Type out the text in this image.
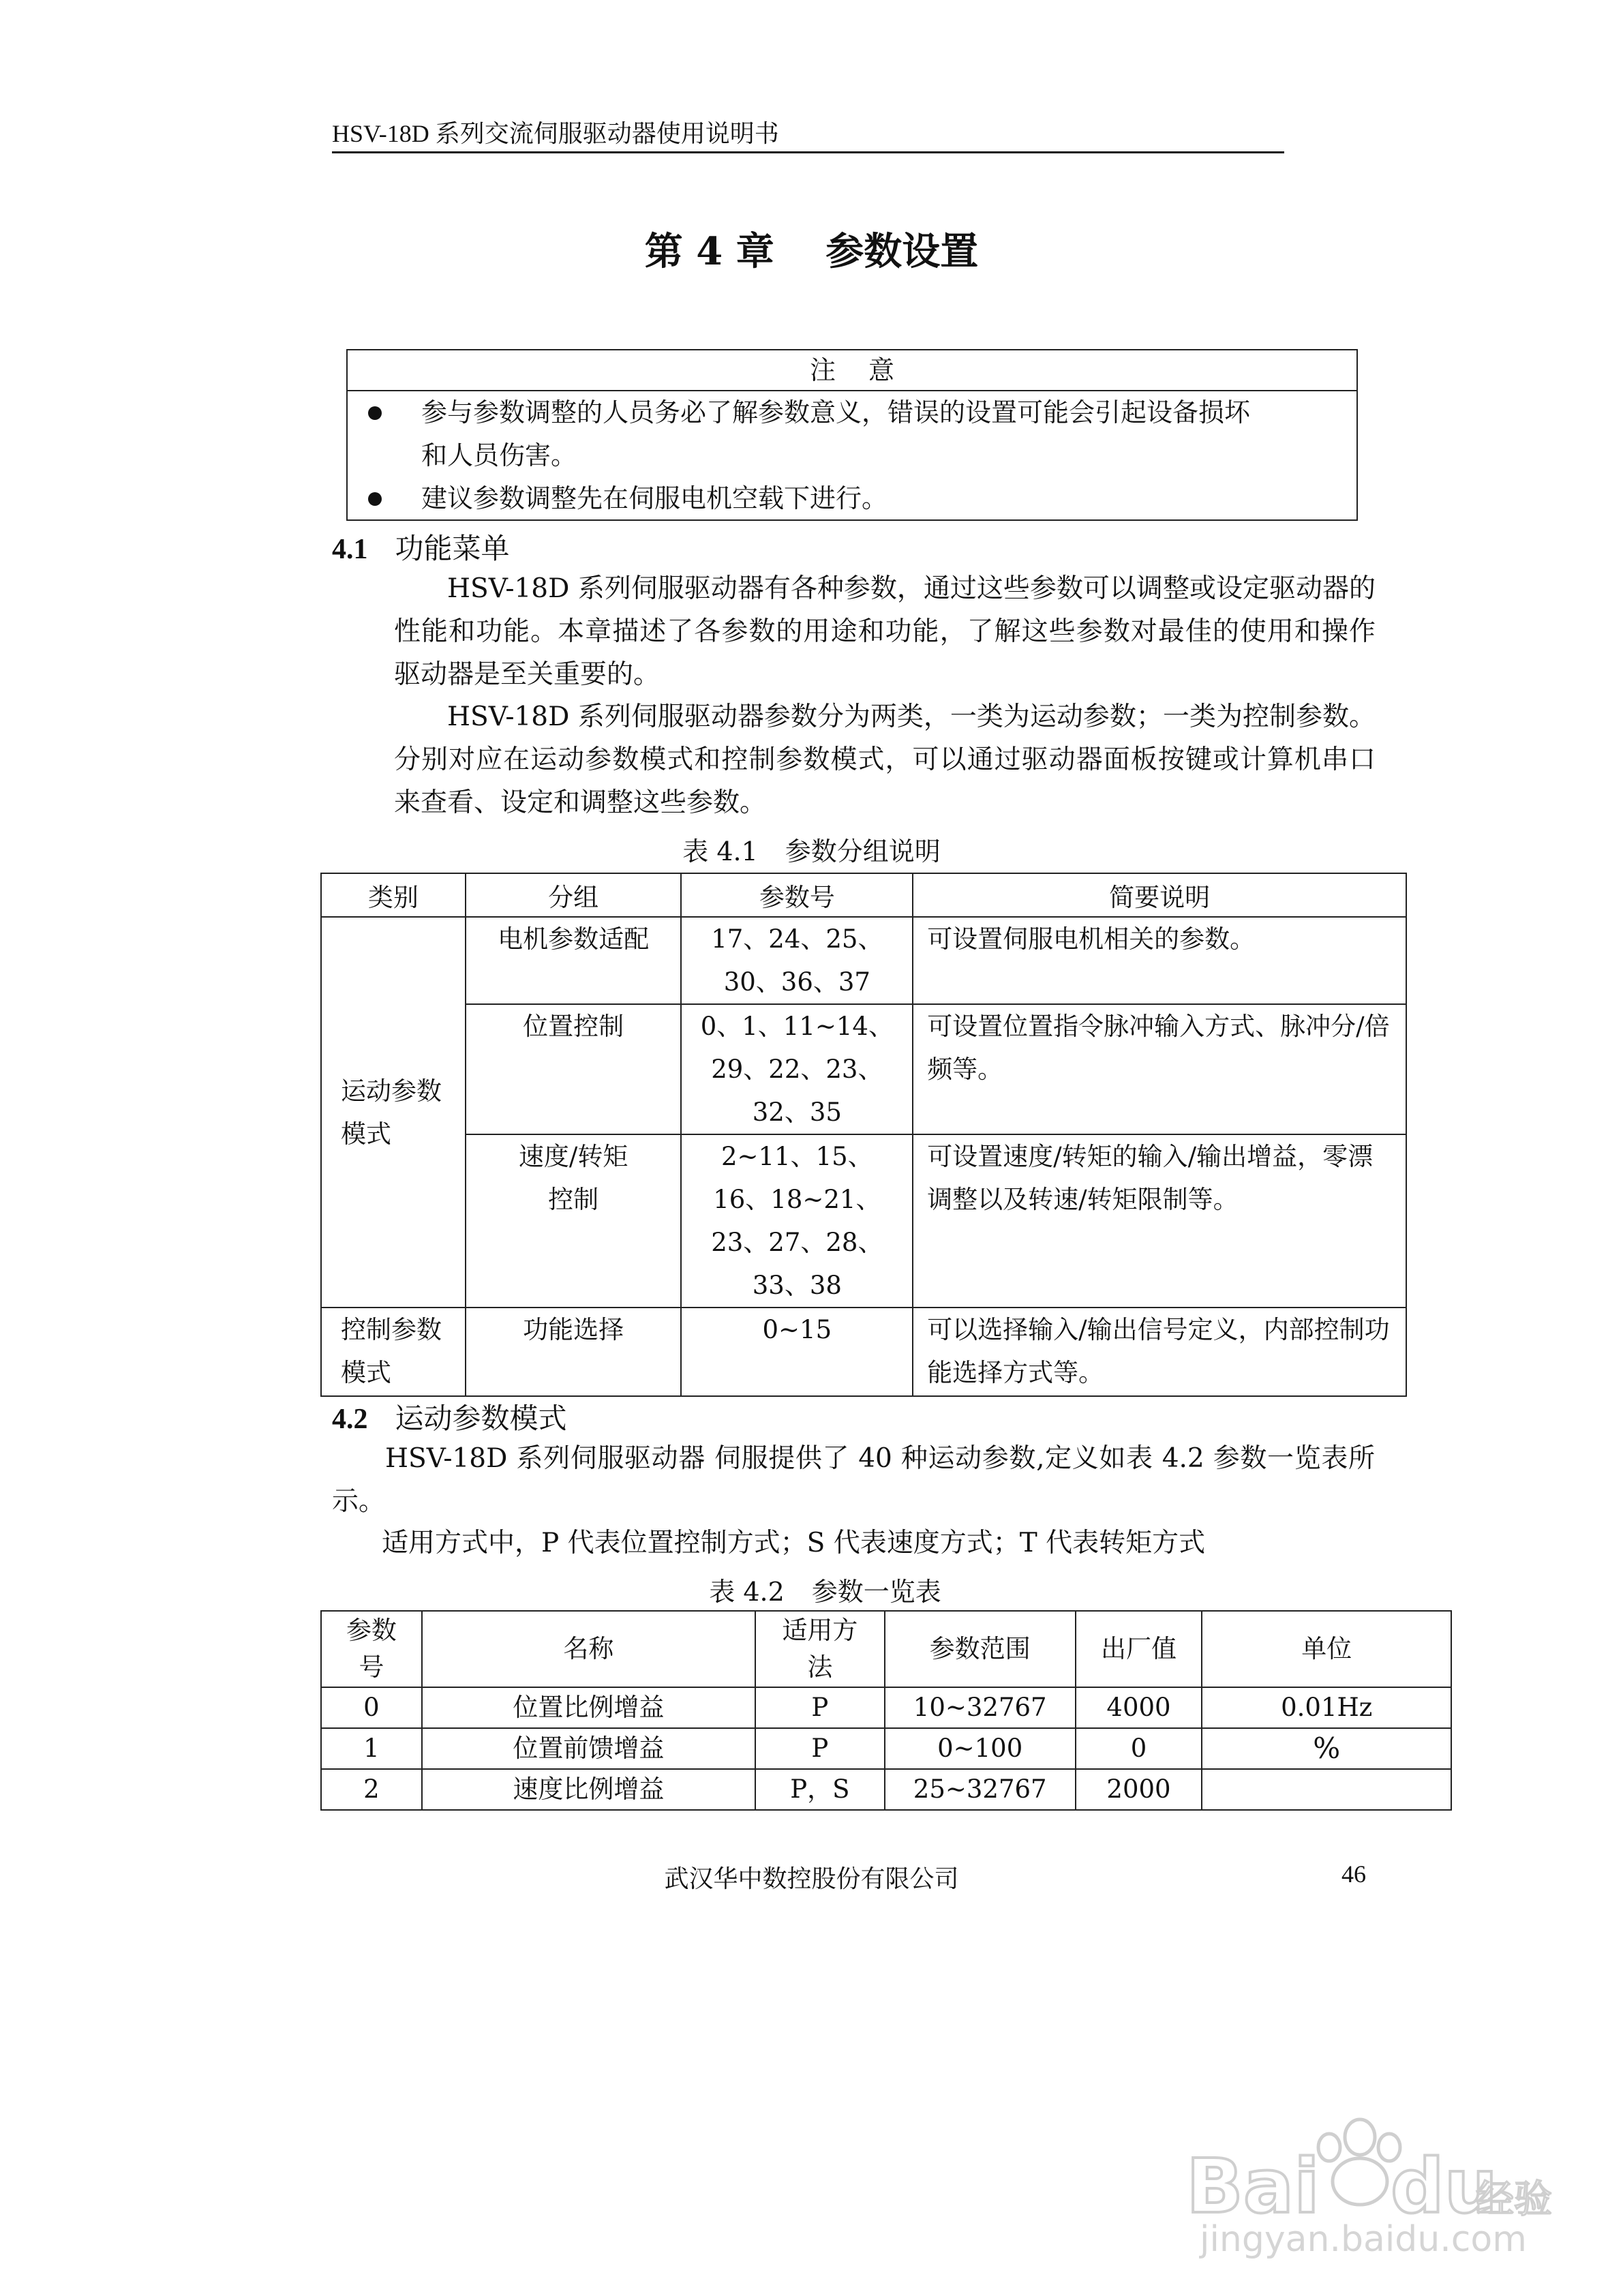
HSV-18D 系列交流伺服驱动器使用说明书
第 4 章 参数设置
注意
参与参数调整的人员务必了解参数意义，错误的设置可能会引起设备损坏
和人员伤害。
建议参数调整先在伺服电机空载下进行。
4.1 功能菜单
HSV-18D 系列伺服驱动器有各种参数，通过这些参数可以调整或设定驱动器的性能和功能。本章描述了各参数的用途和功能，了解这些参数对最佳的使用和操作驱动器是至关重要的。
HSV-18D 系列伺服驱动器参数分为两类，一类为运动参数；一类为控制参数。分别对应在运动参数模式和控制参数模式，可以通过驱动器面板按键或计算机串口来查看、设定和调整这些参数。
表 4.1 参数分组说明
类别	分组	参数号	简要说明
运动参数模式	电机参数适配	17、24、25、30、36、37	可设置伺服电机相关的参数。
	位置控制	0、1、11~14、29、22、23、32、35	可设置位置指令脉冲输入方式、脉冲分/倍频等。
	速度/转矩控制	2~11、15、16、18~21、23、27、28、33、38	可设置速度/转矩的输入/输出增益，零漂调整以及转速/转矩限制等。
控制参数模式	功能选择	0~15	可以选择输入/输出信号定义，内部控制功能选择方式等。
4.2 运动参数模式
HSV-18D 系列伺服驱动器 伺服提供了 40 种运动参数,定义如表 4.2 参数一览表所示。
适用方式中，P 代表位置控制方式；S 代表速度方式；T 代表转矩方式
表 4.2 参数一览表
参数号	名称	适用方法	参数范围	出厂值	单位
0	位置比例增益	P	10~32767	4000	0.01Hz
1	位置前馈增益	P	0~100	0	%
2	速度比例增益	P，S	25~32767	2000	
武汉华中数控股份有限公司	46
Bai du
经验
jingyan.baidu.com
